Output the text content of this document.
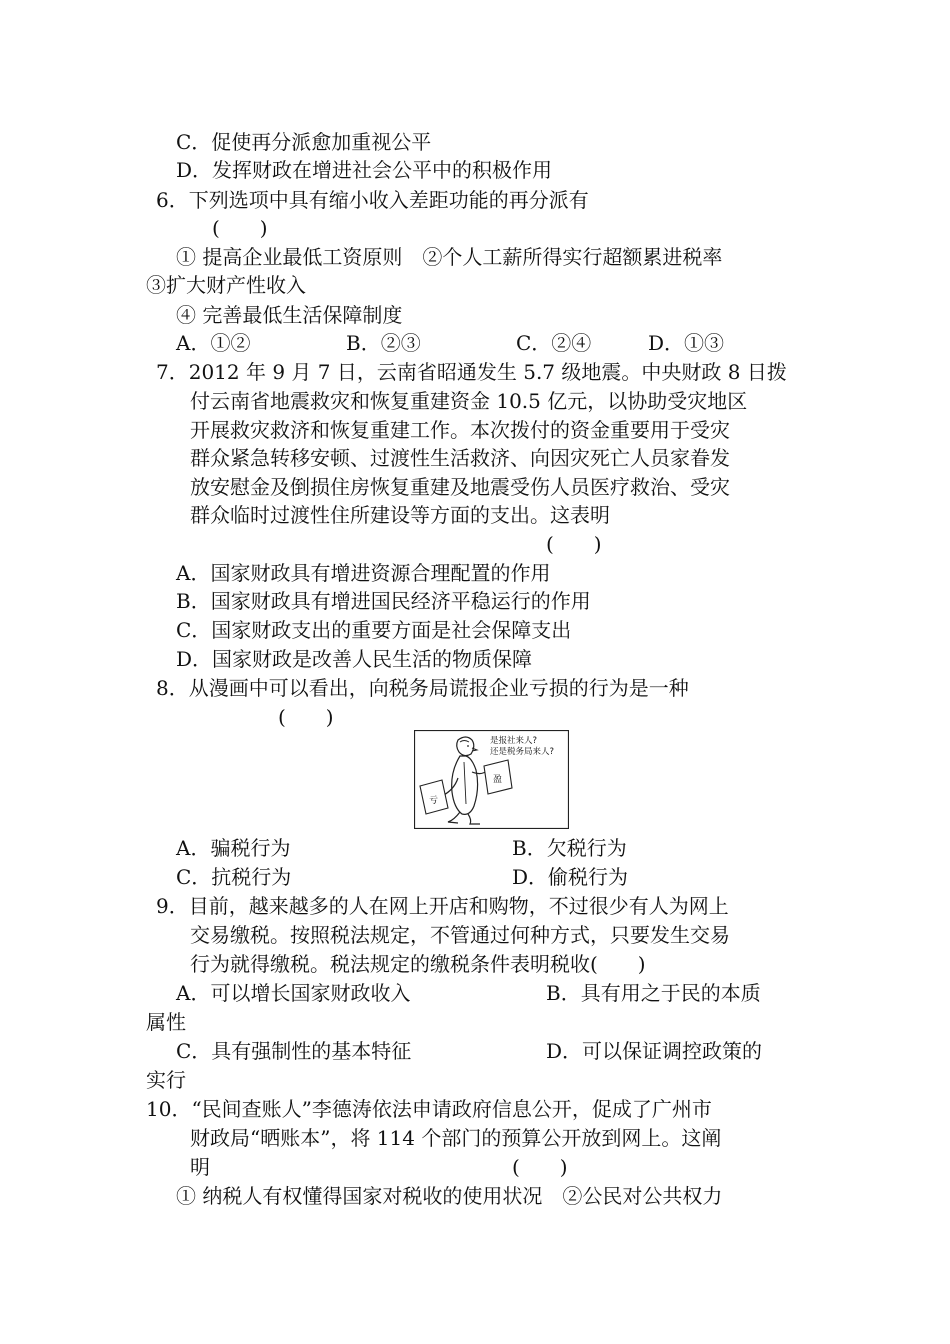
C．促使再分派愈加重视公平
D．发挥财政在增进社会公平中的积极作用
6．下列选项中具有缩小收入差距功能的再分派有
(　　)
① 提高企业最低工资原则　②个人工薪所得实行超额累进税率
③扩大财产性收入
④ 完善最低生活保障制度
A．①②	B．②③	C．②④	D．①③
7．2012 年 9 月 7 日，云南省昭通发生 5.7 级地震。中央财政 8 日拨
付云南省地震救灾和恢复重建资金 10.5 亿元，以协助受灾地区
开展救灾救济和恢复重建工作。本次拨付的资金重要用于受灾
群众紧急转移安顿、过渡性生活救济、向因灾死亡人员家眷发
放安慰金及倒损住房恢复重建及地震受伤人员医疗救治、受灾
群众临时过渡性住所建设等方面的支出。这表明
(　　)
A．国家财政具有增进资源合理配置的作用
B．国家财政具有增进国民经济平稳运行的作用
C．国家财政支出的重要方面是社会保障支出
D．国家财政是改善人民生活的物质保障
8．从漫画中可以看出，向税务局谎报企业亏损的行为是一种
(　　)
是报社来人?
还是税务局来人?
盈
亏
A．骗税行为	B．欠税行为
C．抗税行为	D．偷税行为
9．目前，越来越多的人在网上开店和购物，不过很少有人为网上
交易缴税。按照税法规定，不管通过何种方式，只要发生交易
行为就得缴税。税法规定的缴税条件表明税收(　　)
A．可以增长国家财政收入	B．具有用之于民的本质
属性
C．具有强制性的基本特征	D．可以保证调控政策的
实行
10．“民间查账人”李德涛依法申请政府信息公开，促成了广州市
财政局“晒账本”，将 114 个部门的预算公开放到网上。这阐
明	(　　)
① 纳税人有权懂得国家对税收的使用状况　②公民对公共权力
